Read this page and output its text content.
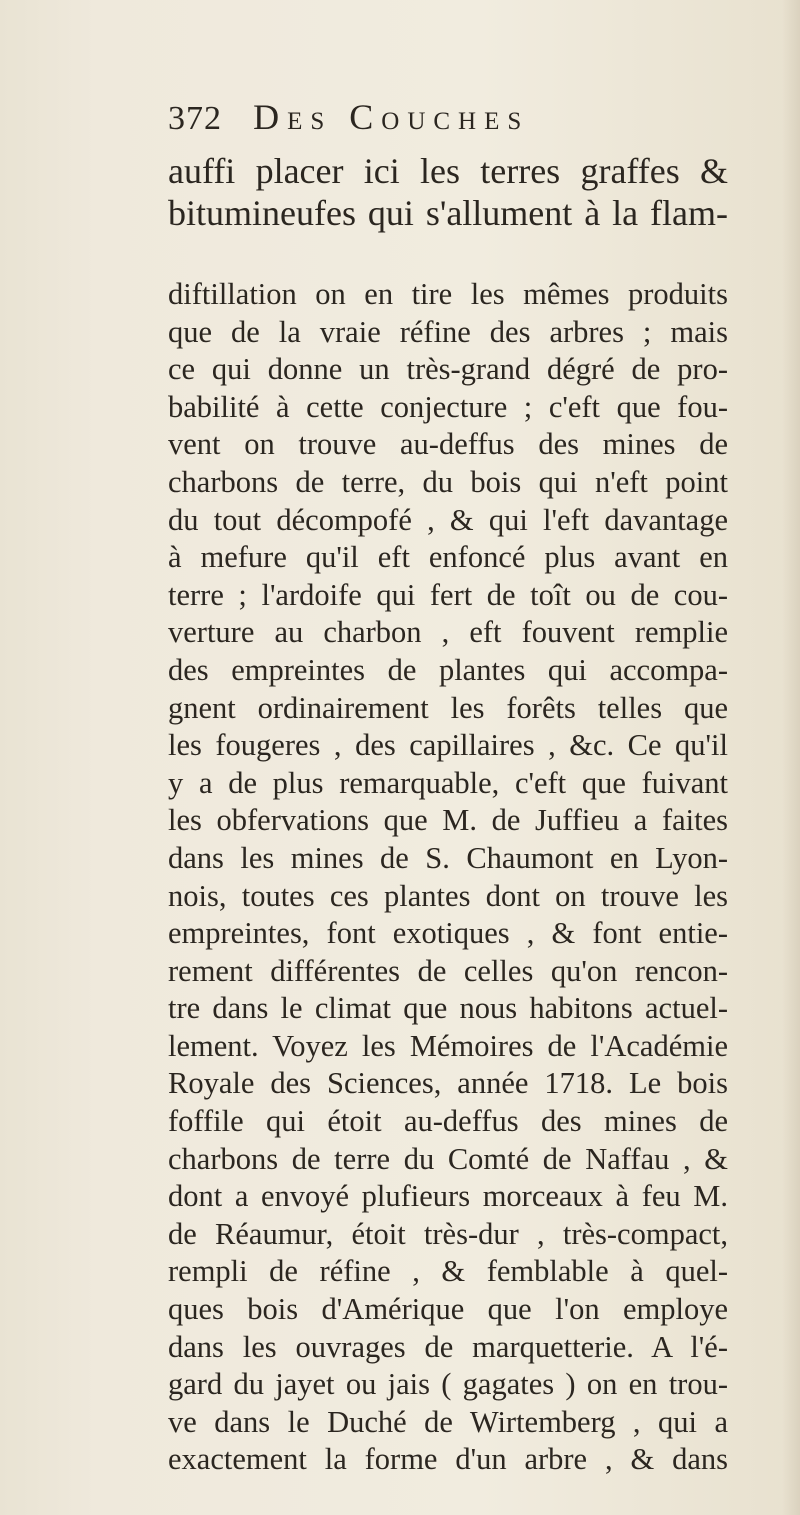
372 Des Couches
auffi placer ici les terres graffes &
bitumineufes qui s'allument à la flam-
diftillation on en tire les mêmes produits
que de la vraie réfine des arbres ; mais
ce qui donne un très-grand dégré de pro-
babilité à cette conjecture ; c'eft que fou-
vent on trouve au-deffus des mines de
charbons de terre, du bois qui n'eft point
du tout décompofé , & qui l'eft davantage
à mefure qu'il eft enfoncé plus avant en
terre ; l'ardoife qui fert de toît ou de cou-
verture au charbon , eft fouvent remplie
des empreintes de plantes qui accompa-
gnent ordinairement les forêts telles que
les fougeres , des capillaires , &c. Ce qu'il
y a de plus remarquable, c'eft que fuivant
les obfervations que M. de Juffieu a faites
dans les mines de S. Chaumont en Lyon-
nois, toutes ces plantes dont on trouve les
empreintes, font exotiques , & font entie-
rement différentes de celles qu'on rencon-
tre dans le climat que nous habitons actuel-
lement. Voyez les Mémoires de l'Académie
Royale des Sciences, année 1718. Le bois
foffile qui étoit au-deffus des mines de
charbons de terre du Comté de Naffau , &
dont a envoyé plufieurs morceaux à feu M.
de Réaumur, étoit très-dur , très-compact,
rempli de réfine , & femblable à quel-
ques bois d'Amérique que l'on employe
dans les ouvrages de marquetterie. A l'é-
gard du jayet ou jais ( gagates ) on en trou-
ve dans le Duché de Wirtemberg , qui a
exactement la forme d'un arbre , & dans
